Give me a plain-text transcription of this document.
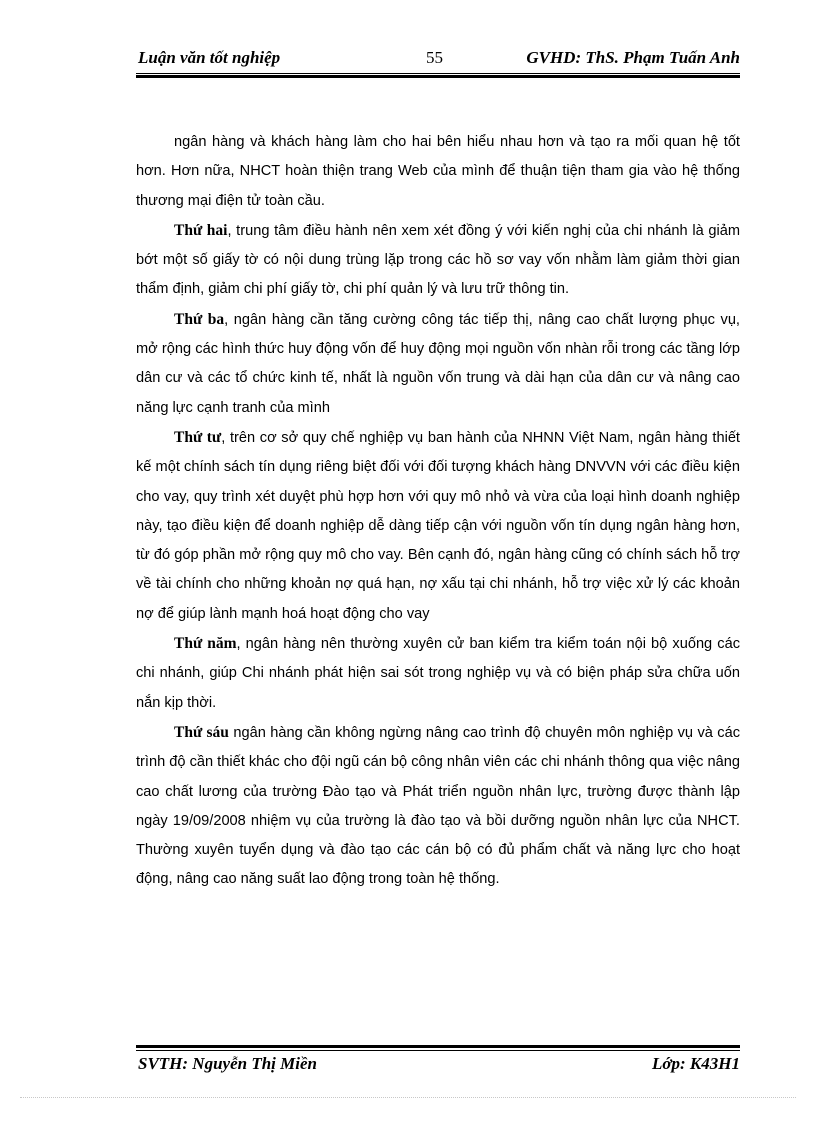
Luận văn tốt nghiệp	55	GVHD: ThS. Phạm Tuấn Anh

ngân hàng và khách hàng làm cho hai bên hiểu nhau hơn và tạo ra mối quan hệ tốt hơn. Hơn nữa, NHCT hoàn thiện trang Web của mình để thuận tiện tham gia vào hệ thống thương mại điện tử toàn cầu.

Thứ hai, trung tâm điều hành nên xem xét đồng ý với kiến nghị của chi nhánh là giảm bớt một số giấy tờ có nội dung trùng lặp trong các hồ sơ vay vốn nhằm làm giảm thời gian thẩm định, giảm chi phí giấy tờ, chi phí quản lý và lưu trữ thông tin.

Thứ ba, ngân hàng cần tăng cường công tác tiếp thị, nâng cao chất lượng phục vụ, mở rộng các hình thức huy động vốn để huy động mọi nguồn vốn nhàn rỗi trong các tầng lớp dân cư và các tổ chức kinh tế, nhất là nguồn vốn trung và dài hạn của dân cư và nâng cao năng lực cạnh tranh của mình

Thứ tư, trên cơ sở quy chế nghiệp vụ ban hành của NHNN Việt Nam, ngân hàng thiết kế một chính sách tín dụng riêng biệt đối với đối tượng khách hàng DNVVN với các điều kiện cho vay, quy trình xét duyệt phù hợp hơn với quy mô nhỏ và vừa của loại hình doanh nghiệp này, tạo điều kiện để doanh nghiệp dễ dàng tiếp cận với nguồn vốn tín dụng ngân hàng hơn, từ đó góp phần mở rộng quy mô cho vay. Bên cạnh đó, ngân hàng cũng có chính sách hỗ trợ về tài chính cho những khoản nợ quá hạn, nợ xấu tại chi nhánh, hỗ trợ việc xử lý các khoản nợ để giúp lành mạnh hoá hoạt động cho vay

Thứ năm, ngân hàng nên thường xuyên cử ban kiểm tra kiểm toán nội bộ xuống các chi nhánh, giúp Chi nhánh phát hiện sai sót trong nghiệp vụ và có biện pháp sửa chữa uốn nắn kịp thời.

Thứ sáu ngân hàng cần không ngừng nâng cao trình độ chuyên môn nghiệp vụ và các trình độ cần thiết khác cho đội ngũ cán bộ công nhân viên các chi nhánh thông qua việc nâng cao chất lương của trường Đào tạo và Phát triển nguồn nhân lực, trường được thành lập ngày 19/09/2008 nhiệm vụ của trường là đào tạo và bồi dưỡng nguồn nhân lực của NHCT. Thường xuyên tuyển dụng và đào tạo các cán bộ có đủ phẩm chất và năng lực cho hoạt động, nâng cao năng suất lao động trong toàn hệ thống.

SVTH: Nguyễn Thị Miền	Lớp: K43H1
